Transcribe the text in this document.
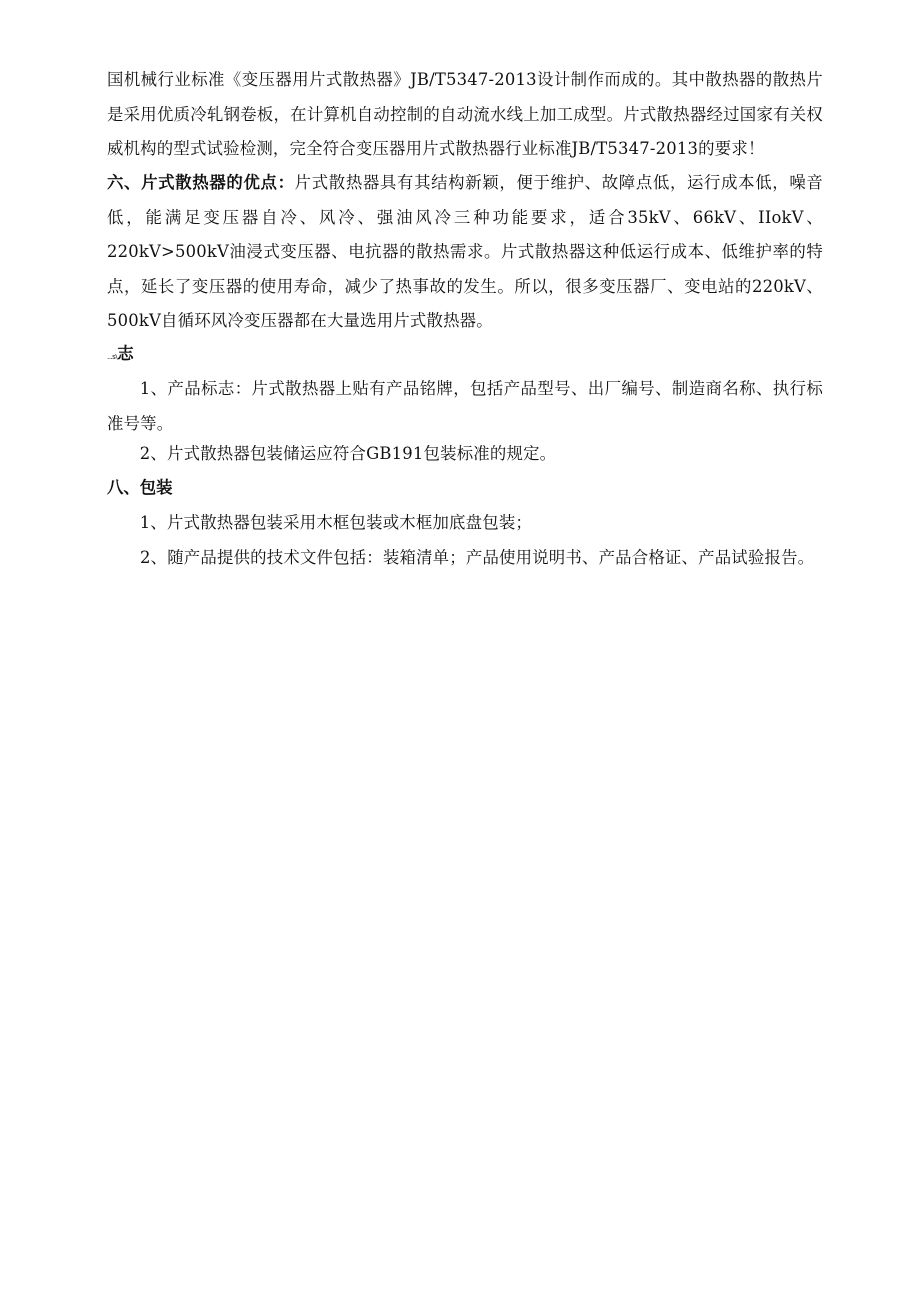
国机械行业标准《变压器用片式散热器》JB/T5347-2013设计制作而成的。其中散热器的散热片是采用优质冷轧钢卷板，在计算机自动控制的自动流水线上加工成型。片式散热器经过国家有关权威机构的型式试验检测，完全符合变压器用片式散热器行业标准JB/T5347-2013的要求！

六、片式散热器的优点：片式散热器具有其结构新颖，便于维护、故障点低，运行成本低，噪音低，能满足变压器自冷、风冷、强油风冷三种功能要求，适合35kV、66kV、IIokV、220kV>500kV油浸式变压器、电抗器的散热需求。片式散热器这种低运行成本、低维护率的特点，延长了变压器的使用寿命，减少了热事故的发生。所以，很多变压器厂、变电站的220kV、500kV自循环风冷变压器都在大量选用片式散热器。

...s\志

1、产品标志：片式散热器上贴有产品铭牌，包括产品型号、出厂编号、制造商名称、执行标准号等。

2、片式散热器包装储运应符合GB191包装标准的规定。

八、包装

1、片式散热器包装采用木框包装或木框加底盘包装；

2、随产品提供的技术文件包括：装箱清单；产品使用说明书、产品合格证、产品试验报告。
